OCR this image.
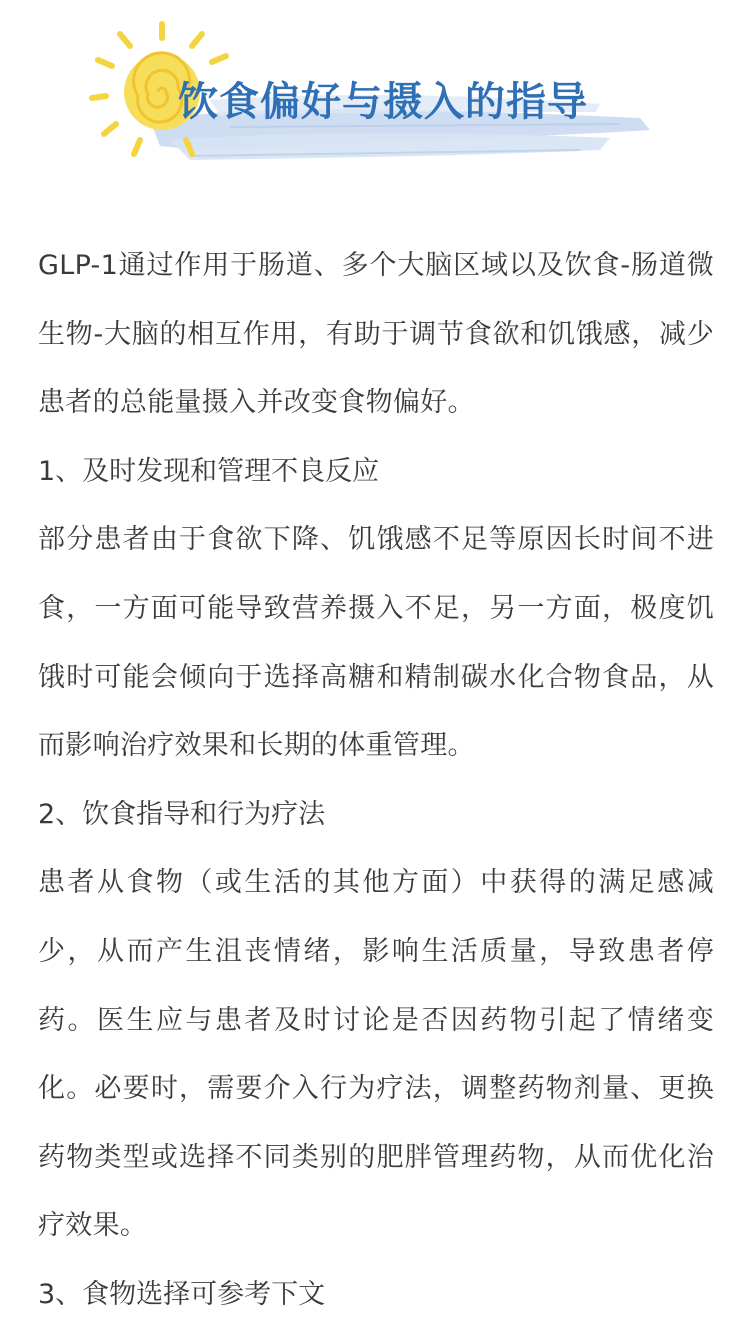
饮食偏好与摄入的指导

GLP-1通过作用于肠道、多个大脑区域以及饮食-肠道微生物-大脑的相互作用，有助于调节食欲和饥饿感，减少患者的总能量摄入并改变食物偏好。

1、及时发现和管理不良反应

部分患者由于食欲下降、饥饿感不足等原因长时间不进食，一方面可能导致营养摄入不足，另一方面，极度饥饿时可能会倾向于选择高糖和精制碳水化合物食品，从而影响治疗效果和长期的体重管理。

2、饮食指导和行为疗法

患者从食物（或生活的其他方面）中获得的满足感减少，从而产生沮丧情绪，影响生活质量，导致患者停药。医生应与患者及时讨论是否因药物引起了情绪变化。必要时，需要介入行为疗法，调整药物剂量、更换药物类型或选择不同类别的肥胖管理药物，从而优化治疗效果。

3、食物选择可参考下文
